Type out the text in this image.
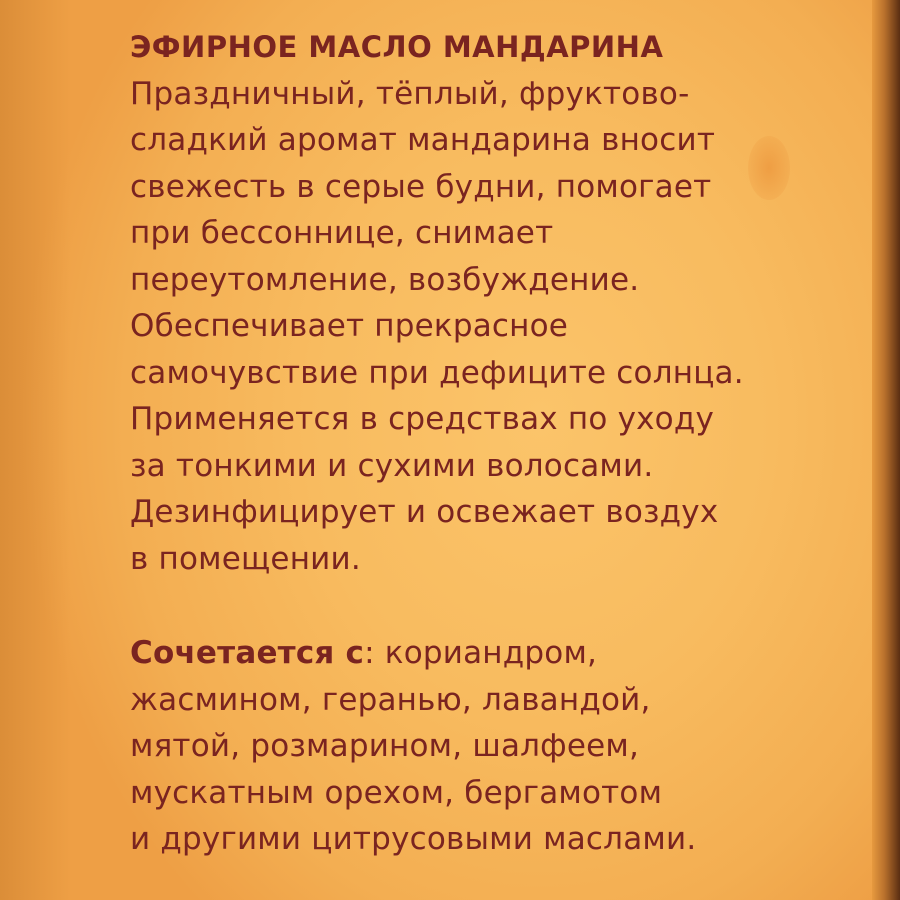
ЭФИРНОЕ МАСЛО МАНДАРИНА

Праздничный, тёплый, фруктово-
сладкий аромат мандарина вносит
свежесть в серые будни, помогает
при бессоннице, снимает
переутомление, возбуждение.
Обеспечивает прекрасное
самочувствие при дефиците солнца.
Применяется в средствах по уходу
за тонкими и сухими волосами.
Дезинфицирует и освежает воздух
в помещении.
Сочетается с: кориандром,
жасмином, геранью, лавандой,
мятой, розмарином, шалфеем,
мускатным орехом, бергамотом
и другими цитрусовыми маслами.
